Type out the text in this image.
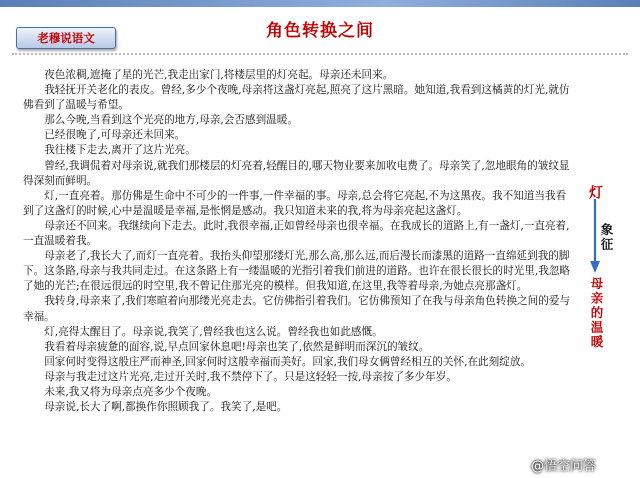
老穆说语文	角色转换之间

夜色浓稠,遮掩了星的光芒,我走出家门,将楼层里的灯亮起。母亲还未回来。

我轻抚开关老化的表皮。曾经,多少个夜晚,母亲将这盏灯亮起,照亮了这片黑暗。她知道,我看到这橘黄的灯光,就仿佛看到了温暖与希望。

那么今晚,当看到这个光亮的地方,母亲,会否感到温暖。

已经很晚了,可母亲还未回来。

我往楼下走去,离开了这片光亮。

曾经,我调侃着对母亲说,就我们那楼层的灯亮着,轻醒目的,哪天物业要来加收电费了。母亲笑了,忽地眼角的皱纹显得深刻而鲜明。

灯,一直亮着。那仿佛是生命中不可少的一件事,一件幸福的事。母亲,总会将它亮起,不为这黑夜。我不知道当我看到了这盏灯的时候,心中是温暖是幸福,是怅惘是感动。我只知道未来的我,将为母亲亮起这盏灯。

母亲还不回来。我继续向下走去。此时,我很幸福,正如曾经母亲也很幸福。在我成长的道路上,有一盏灯,一直亮着,一直温暖着我。

母亲老了,我长大了,而灯一直亮着。我抬头仰望那缕灯光,那么高,那么远,而后漫长而漆黑的道路一直绵延到我的脚下。这条路,母亲与我共同走过。在这条路上有一缕温暖的光指引着我们前进的道路。也许在很长很长的时光里,我忽略了她的光芒;在很远很远的时空里,我不曾记住那光亮的模样。但我知道,在这里,我等着母亲,为她点亮那盏灯。

我转身,母亲来了,我们寒暄着向那缕光亮走去。它仿佛指引着我们。它仿佛预知了在我与母亲角色转换之间的爱与幸福。

灯,亮得太醒目了。母亲说,我笑了,曾经我也这么说。曾经我也如此感慨。

我看着母亲疲惫的面容,说,早点回家休息吧!母亲也笑了,依然是鲜明而深沉的皱纹。

回家何时变得这般庄严而神圣,回家何时这般幸福而美好。回家,我们母女俩曾经相互的关怀,在此刻绽放。

母亲与我走过这片光亮,走过开关时,我不禁停下了。只是这轻轻一按,母亲按了多少年岁。

未来,我又将为母亲点亮多少个夜晚。

母亲说,长大了啊,都换作你照顾我了。我笑了,是吧。

灯
象征
母亲的温暖
@悟空问答
